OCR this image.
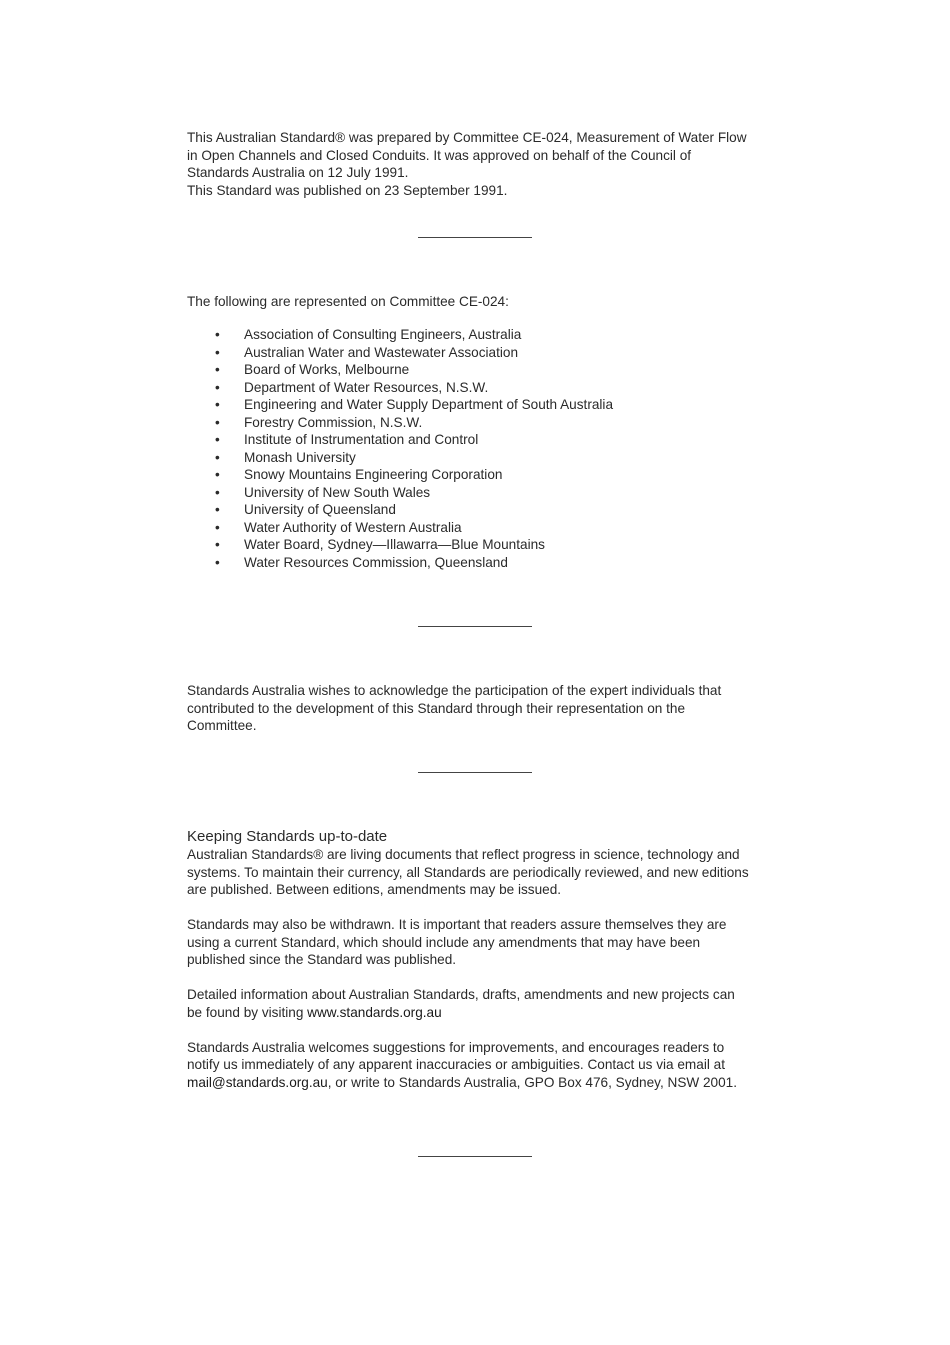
This Australian Standard® was prepared by Committee CE-024, Measurement of Water Flow

in Open Channels and Closed Conduits. It was approved on behalf of the Council of

Standards Australia on 12 July 1991.

This Standard was published on 23 September 1991.

The following are represented on Committee CE-024:

• Association of Consulting Engineers, Australia
• Australian Water and Wastewater Association
• Board of Works, Melbourne
• Department of Water Resources, N.S.W.
• Engineering and Water Supply Department of South Australia
• Forestry Commission, N.S.W.
• Institute of Instrumentation and Control
• Monash University
• Snowy Mountains Engineering Corporation
• University of New South Wales
• University of Queensland
• Water Authority of Western Australia
• Water Board, Sydney—Illawarra—Blue Mountains
• Water Resources Commission, Queensland

Standards Australia wishes to acknowledge the participation of the expert individuals that

contributed to the development of this Standard through their representation on the

Committee.

Keeping Standards up-to-date

Australian Standards® are living documents that reflect progress in science, technology and

systems. To maintain their currency, all Standards are periodically reviewed, and new editions

are published. Between editions, amendments may be issued.

Standards may also be withdrawn. It is important that readers assure themselves they are

using a current Standard, which should include any amendments that may have been

published since the Standard was published.

Detailed information about Australian Standards, drafts, amendments and new projects can

be found by visiting www.standards.org.au

Standards Australia welcomes suggestions for improvements, and encourages readers to

notify us immediately of any apparent inaccuracies or ambiguities. Contact us via email at

mail@standards.org.au, or write to Standards Australia, GPO Box 476, Sydney, NSW 2001.
